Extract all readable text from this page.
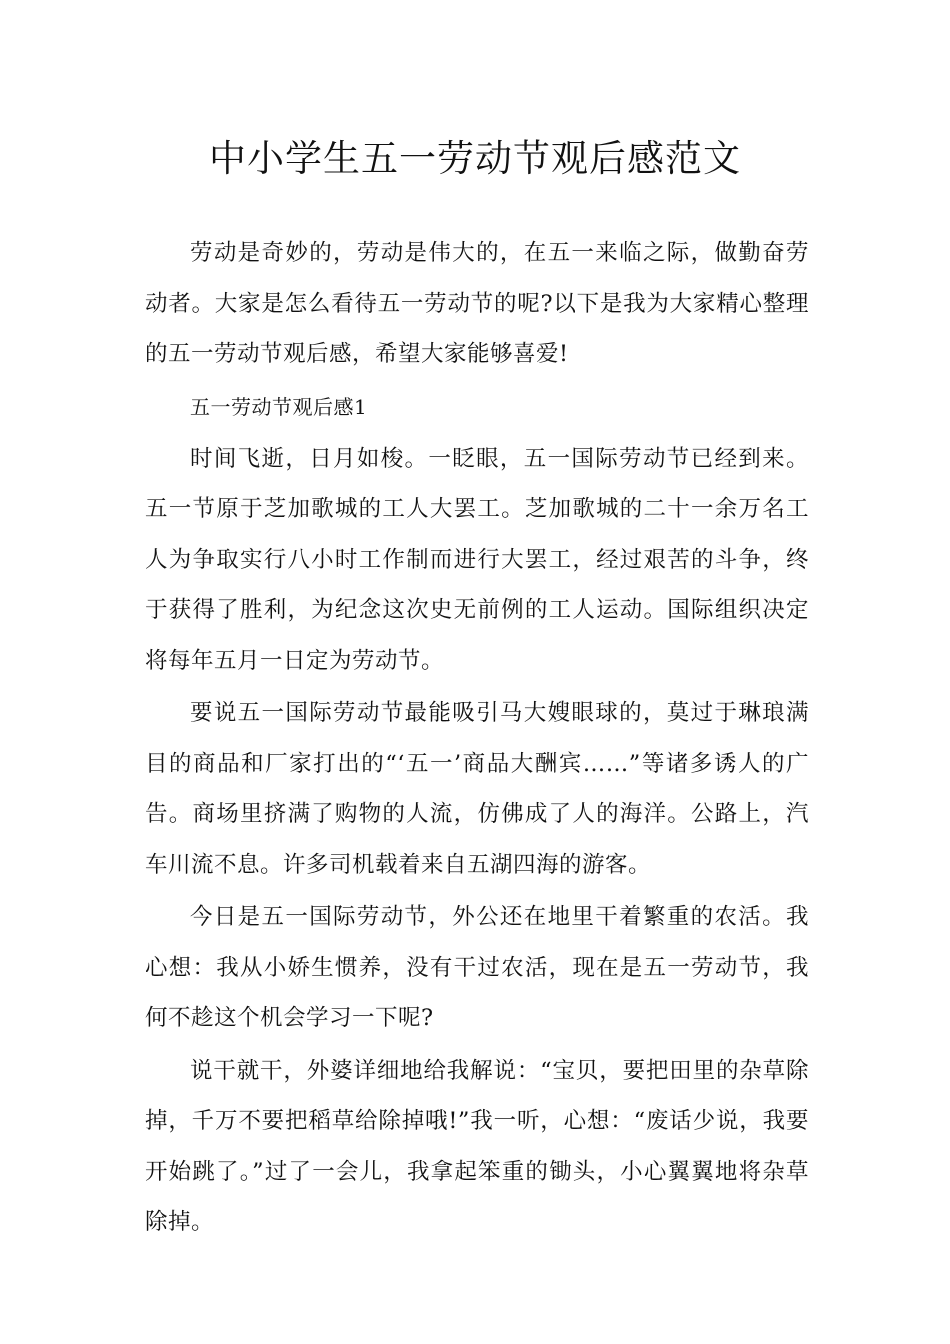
中小学生五一劳动节观后感范文

劳动是奇妙的，劳动是伟大的，在五一来临之际，做勤奋劳动者。大家是怎么看待五一劳动节的呢?以下是我为大家精心整理的五一劳动节观后感，希望大家能够喜爱!

五一劳动节观后感1

时间飞逝，日月如梭。一眨眼，五一国际劳动节已经到来。五一节原于芝加歌城的工人大罢工。芝加歌城的二十一余万名工人为争取实行八小时工作制而进行大罢工，经过艰苦的斗争，终于获得了胜利，为纪念这次史无前例的工人运动。国际组织决定将每年五月一日定为劳动节。

要说五一国际劳动节最能吸引马大嫂眼球的，莫过于琳琅满目的商品和厂家打出的“‘五一’商品大酬宾……”等诸多诱人的广告。商场里挤满了购物的人流，仿佛成了人的海洋。公路上，汽车川流不息。许多司机载着来自五湖四海的游客。

今日是五一国际劳动节，外公还在地里干着繁重的农活。我心想：我从小娇生惯养，没有干过农活，现在是五一劳动节，我何不趁这个机会学习一下呢?

说干就干，外婆详细地给我解说：“宝贝，要把田里的杂草除掉，千万不要把稻草给除掉哦!”我一听，心想：“废话少说，我要开始跳了。”过了一会儿，我拿起笨重的锄头，小心翼翼地将杂草除掉。
